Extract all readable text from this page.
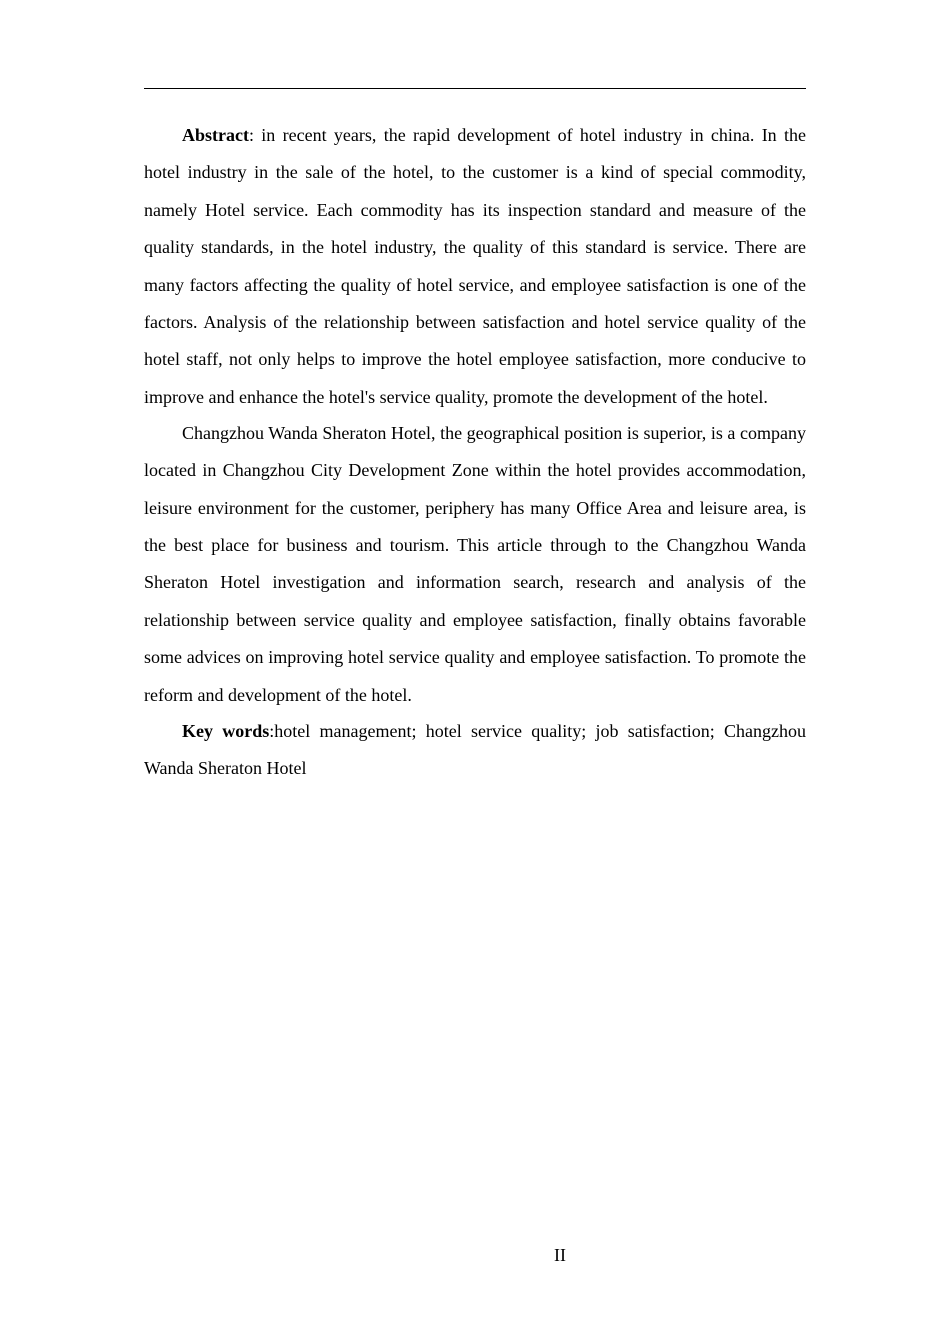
Abstract: in recent years, the rapid development of hotel industry in china. In the hotel industry in the sale of the hotel, to the customer is a kind of special commodity, namely Hotel service. Each commodity has its inspection standard and measure of the quality standards, in the hotel industry, the quality of this standard is service. There are many factors affecting the quality of hotel service, and employee satisfaction is one of the factors. Analysis of the relationship between satisfaction and hotel service quality of the hotel staff, not only helps to improve the hotel employee satisfaction, more conducive to improve and enhance the hotel's service quality, promote the development of the hotel.

Changzhou Wanda Sheraton Hotel, the geographical position is superior, is a company located in Changzhou City Development Zone within the hotel provides accommodation, leisure environment for the customer, periphery has many Office Area and leisure area, is the best place for business and tourism. This article through to the Changzhou Wanda Sheraton Hotel investigation and information search, research and analysis of the relationship between service quality and employee satisfaction, finally obtains favorable some advices on improving hotel service quality and employee satisfaction. To promote the reform and development of the hotel.

Key words:hotel management; hotel service quality; job satisfaction; Changzhou Wanda Sheraton Hotel

II
